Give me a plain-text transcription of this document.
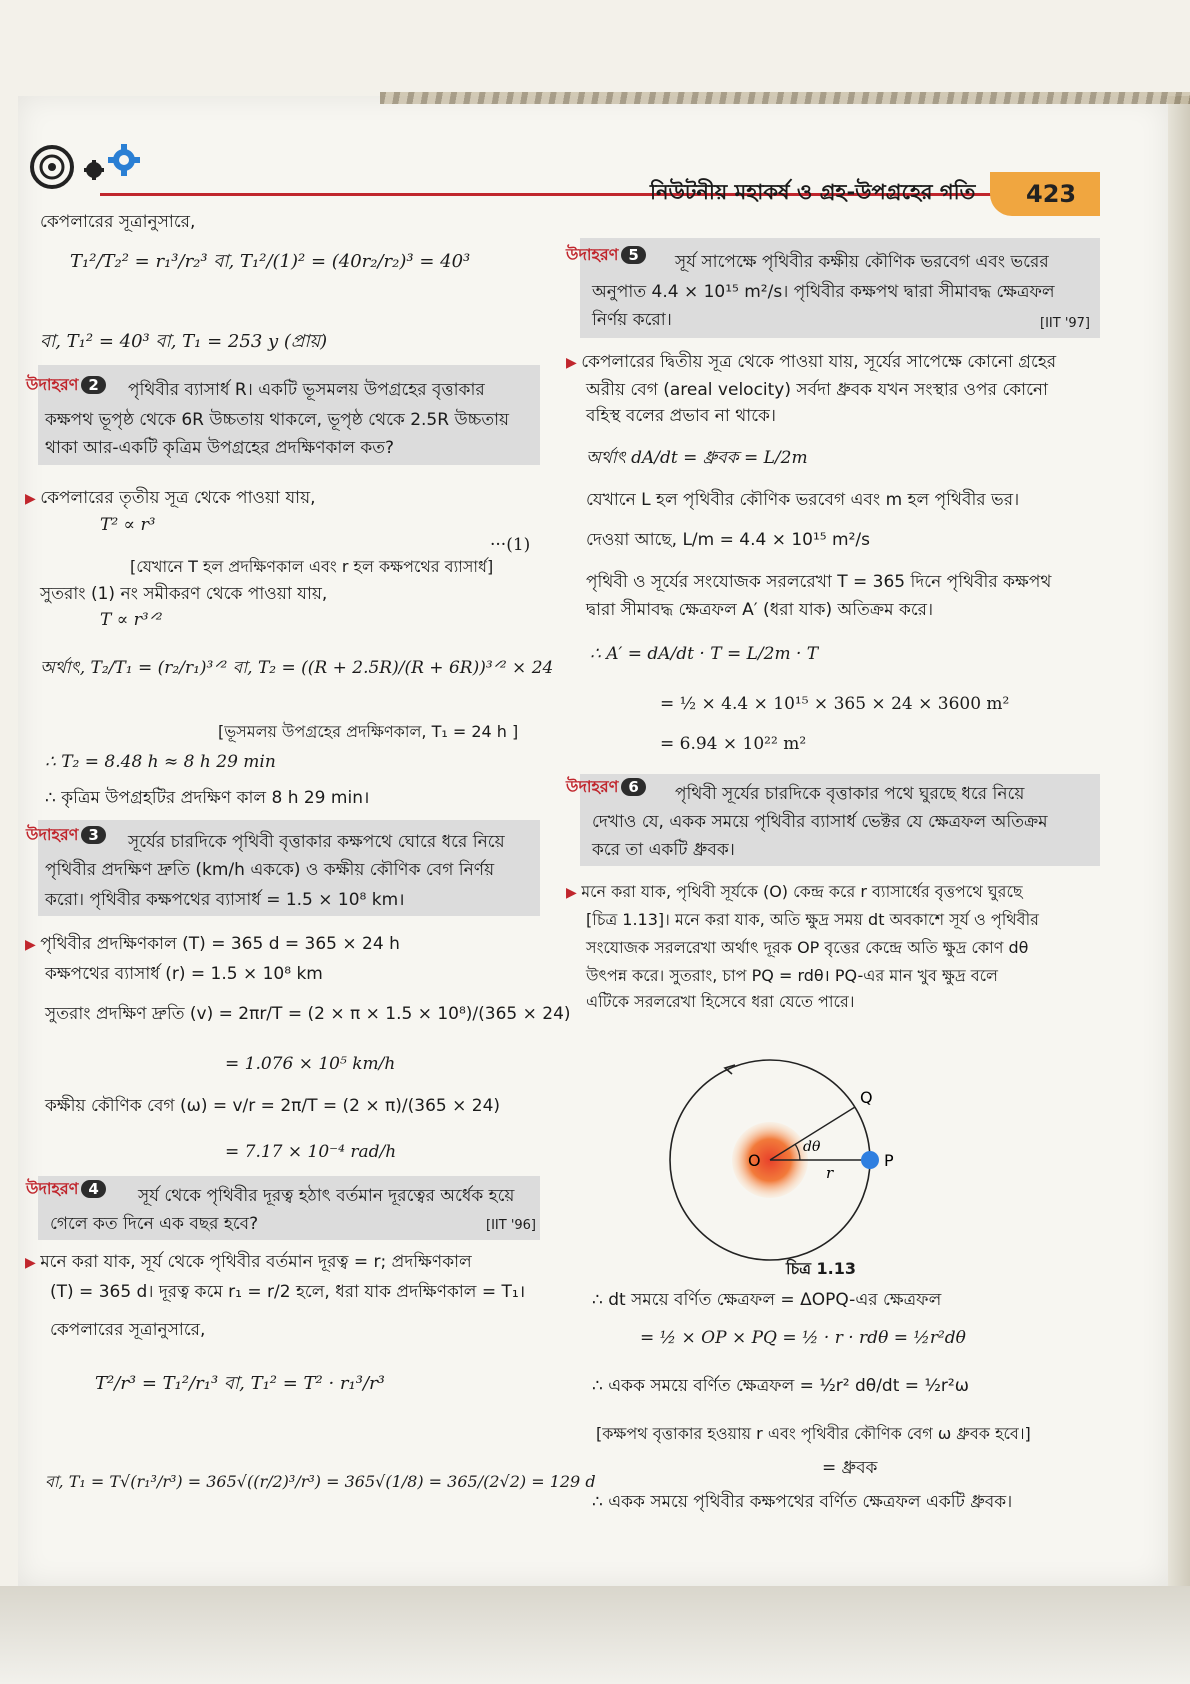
নিউটনীয় মহাকর্ষ ও গ্রহ-উপগ্রহের গতি 423
কেপলারের সূত্রানুসারে,
T₁²/T₂² = r₁³/r₂³ বা, T₁²/(1)² = (40r₂/r₂)³ = 40³
বা, T₁² = 40³ বা, T₁ = 253 y (প্রায়)
উদাহরণ 2	পৃথিবীর ব্যাসার্ধ R। একটি ভূসমলয় উপগ্রহের বৃত্তাকার
কক্ষপথ ভূপৃষ্ঠ থেকে 6R উচ্চতায় থাকলে, ভূপৃষ্ঠ থেকে 2.5R উচ্চতায়
থাকা আর-একটি কৃত্রিম উপগ্রহের প্রদক্ষিণকাল কত?
▶ কেপলারের তৃতীয় সূত্র থেকে পাওয়া যায়,
T² ∝ r³
···(1)
[যেখানে T হল প্রদক্ষিণকাল এবং r হল কক্ষপথের ব্যাসার্ধ]
সুতরাং (1) নং সমীকরণ থেকে পাওয়া যায়,
T ∝ r³ᐟ²
অর্থাৎ, T₂/T₁ = (r₂/r₁)³ᐟ² বা, T₂ = ((R + 2.5R)/(R + 6R))³ᐟ² × 24
[ভূসমলয় উপগ্রহের প্রদক্ষিণকাল, T₁ = 24 h ]
∴ T₂ = 8.48 h ≈ 8 h 29 min
∴ কৃত্রিম উপগ্রহটির প্রদক্ষিণ কাল 8 h 29 min।
উদাহরণ 3	সূর্যের চারদিকে পৃথিবী বৃত্তাকার কক্ষপথে ঘোরে ধরে নিয়ে
পৃথিবীর প্রদক্ষিণ দ্রুতি (km/h এককে) ও কক্ষীয় কৌণিক বেগ নির্ণয়
করো। পৃথিবীর কক্ষপথের ব্যাসার্ধ = 1.5 × 10⁸ km।
▶ পৃথিবীর প্রদক্ষিণকাল (T) = 365 d = 365 × 24 h
কক্ষপথের ব্যাসার্ধ (r) = 1.5 × 10⁸ km
সুতরাং প্রদক্ষিণ দ্রুতি (v) = 2πr/T = (2 × π × 1.5 × 10⁸)/(365 × 24)
= 1.076 × 10⁵ km/h
কক্ষীয় কৌণিক বেগ (ω) = v/r = 2π/T = (2 × π)/(365 × 24)
= 7.17 × 10⁻⁴ rad/h
উদাহরণ 4	সূর্য থেকে পৃথিবীর দূরত্ব হঠাৎ বর্তমান দূরত্বের অর্ধেক হয়ে
গেলে কত দিনে এক বছর হবে?	[IIT '96]
▶ মনে করা যাক, সূর্য থেকে পৃথিবীর বর্তমান দূরত্ব = r; প্রদক্ষিণকাল
(T) = 365 d। দূরত্ব কমে r₁ = r/2 হলে, ধরা যাক প্রদক্ষিণকাল = T₁।
কেপলারের সূত্রানুসারে,
T²/r³ = T₁²/r₁³ বা, T₁² = T² · r₁³/r³
বা, T₁ = T√(r₁³/r³) = 365√((r/2)³/r³) = 365√(1/8) = 365/(2√2) = 129 d
উদাহরণ 5	সূর্য সাপেক্ষে পৃথিবীর কক্ষীয় কৌণিক ভরবেগ এবং ভরের
অনুপাত 4.4 × 10¹⁵ m²/s। পৃথিবীর কক্ষপথ দ্বারা সীমাবদ্ধ ক্ষেত্রফল
নির্ণয় করো।	[IIT '97]
▶ কেপলারের দ্বিতীয় সূত্র থেকে পাওয়া যায়, সূর্যের সাপেক্ষে কোনো গ্রহের
অরীয় বেগ (areal velocity) সর্বদা ধ্রুবক যখন সংস্থার ওপর কোনো
বহিস্থ বলের প্রভাব না থাকে।
অর্থাৎ dA/dt = ধ্রুবক = L/2m
যেখানে L হল পৃথিবীর কৌণিক ভরবেগ এবং m হল পৃথিবীর ভর।
দেওয়া আছে, L/m = 4.4 × 10¹⁵ m²/s
পৃথিবী ও সূর্যের সংযোজক সরলরেখা T = 365 দিনে পৃথিবীর কক্ষপথ
দ্বারা সীমাবদ্ধ ক্ষেত্রফল A′ (ধরা যাক) অতিক্রম করে।
∴ A′ = dA/dt · T = L/2m · T
= ½ × 4.4 × 10¹⁵ × 365 × 24 × 3600 m²
= 6.94 × 10²² m²
উদাহরণ 6	পৃথিবী সূর্যের চারদিকে বৃত্তাকার পথে ঘুরছে ধরে নিয়ে
দেখাও যে, একক সময়ে পৃথিবীর ব্যাসার্ধ ভেক্টর যে ক্ষেত্রফল অতিক্রম
করে তা একটি ধ্রুবক।
▶ মনে করা যাক, পৃথিবী সূর্যকে (O) কেন্দ্র করে r ব্যাসার্ধের বৃত্তপথে ঘুরছে
[চিত্র 1.13]। মনে করা যাক, অতি ক্ষুদ্র সময় dt অবকাশে সূর্য ও পৃথিবীর
সংযোজক সরলরেখা অর্থাৎ দূরক OP বৃত্তের কেন্দ্রে অতি ক্ষুদ্র কোণ dθ
উৎপন্ন করে। সুতরাং, চাপ PQ = rdθ। PQ-এর মান খুব ক্ষুদ্র বলে
এটিকে সরলরেখা হিসেবে ধরা যেতে পারে।
O	P
Q
r
dθ
চিত্র 1.13
∴ dt সময়ে বর্ণিত ক্ষেত্রফল = ΔOPQ-এর ক্ষেত্রফল
= ½ × OP × PQ = ½ · r · rdθ = ½r²dθ
∴ একক সময়ে বর্ণিত ক্ষেত্রফল = ½r² dθ/dt = ½r²ω
[কক্ষপথ বৃত্তাকার হওয়ায় r এবং পৃথিবীর কৌণিক বেগ ω ধ্রুবক হবে।]
= ধ্রুবক
∴ একক সময়ে পৃথিবীর কক্ষপথের বর্ণিত ক্ষেত্রফল একটি ধ্রুবক।
